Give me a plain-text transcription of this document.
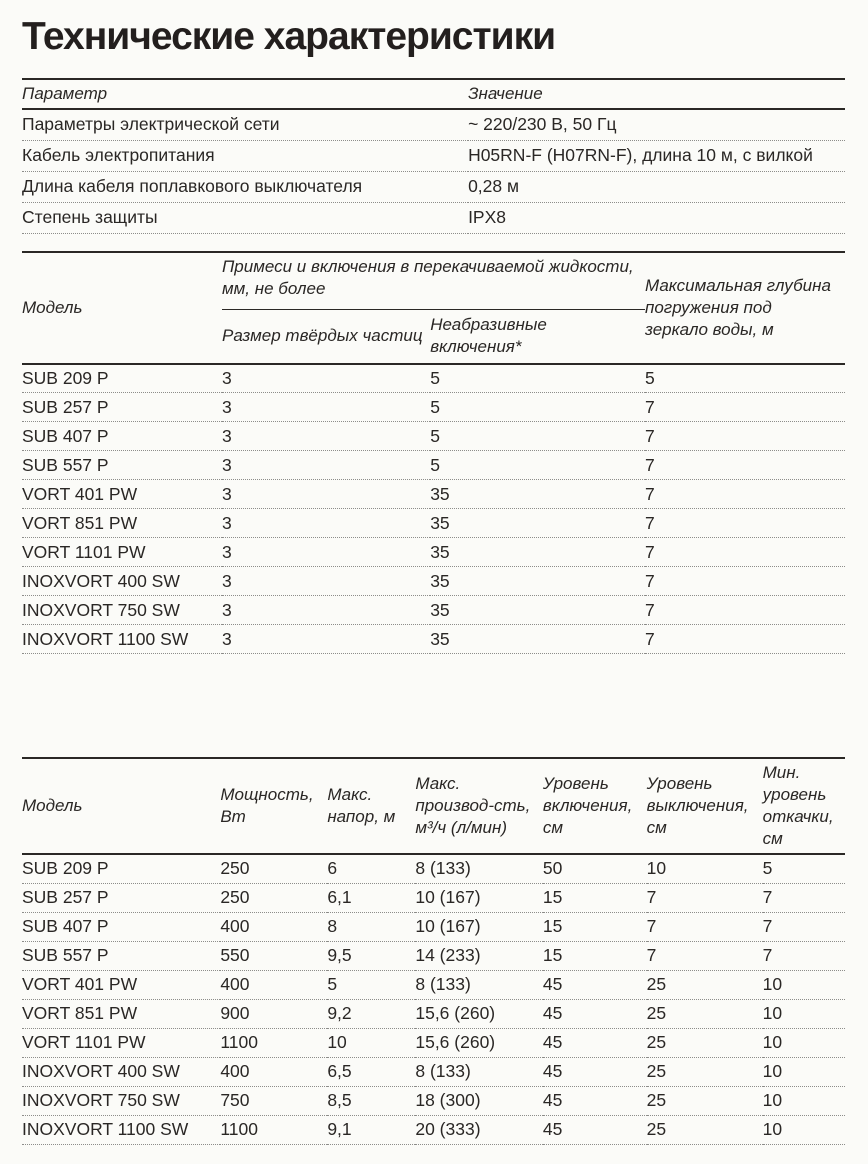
Технические характеристики
Параметр	Значение
Параметры электрической сети	~ 220/230 В, 50 Гц
Кабель электропитания	H05RN-F (H07RN-F), длина 10 м, с вилкой
Длина кабеля поплавкового выключателя	0,28 м
Степень защиты	IPX8
Модель	Примеси и включения в перекачиваемой жидкости, мм, не более		Максимальная глубина погружения под зеркало воды, м
	Размер твёрдых частиц	Неабразивные включения*	
SUB 209 P	3	5	5
SUB 257 P	3	5	7
SUB 407 P	3	5	7
SUB 557 P	3	5	7
VORT 401 PW	3	35	7
VORT 851 PW	3	35	7
VORT 1101 PW	3	35	7
INOXVORT 400 SW	3	35	7
INOXVORT 750 SW	3	35	7
INOXVORT 1100 SW	3	35	7
Модель	Мощность, Вт	Макс. напор, м	Макс. производ-сть, м³/ч (л/мин)	Уровень включения, см	Уровень выключения, см	Мин. уровень откачки, см
SUB 209 P	250	6	8 (133)	50	10	5
SUB 257 P	250	6,1	10 (167)	15	7	7
SUB 407 P	400	8	10 (167)	15	7	7
SUB 557 P	550	9,5	14 (233)	15	7	7
VORT 401 PW	400	5	8 (133)	45	25	10
VORT 851 PW	900	9,2	15,6 (260)	45	25	10
VORT 1101 PW	1100	10	15,6 (260)	45	25	10
INOXVORT 400 SW	400	6,5	8 (133)	45	25	10
INOXVORT 750 SW	750	8,5	18 (300)	45	25	10
INOXVORT 1100 SW	1100	9,1	20 (333)	45	25	10
